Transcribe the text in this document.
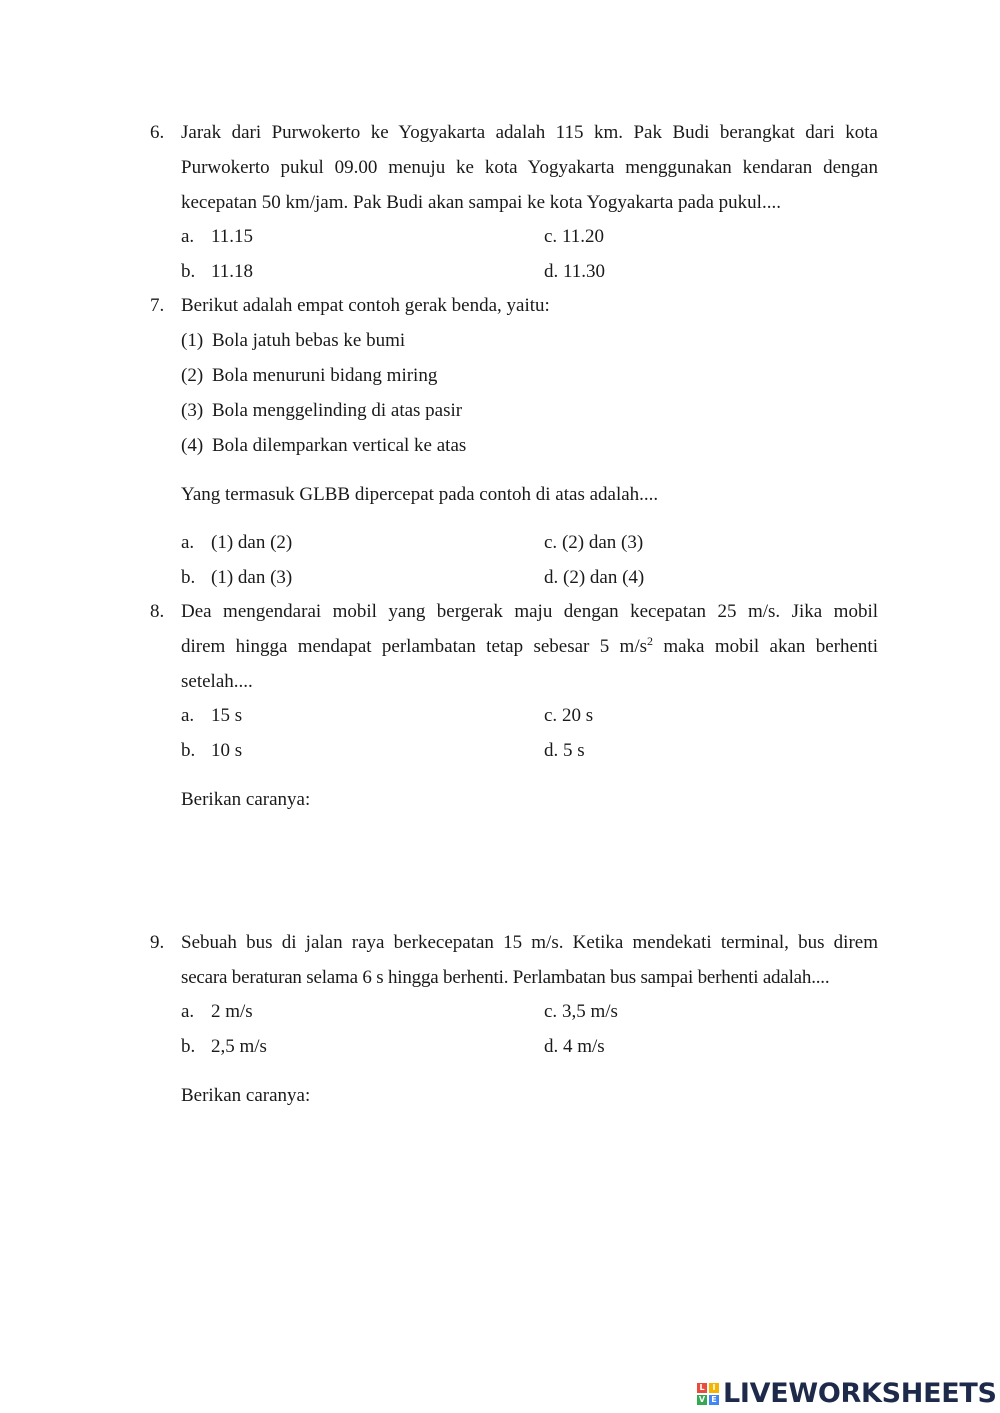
6. Jarak dari Purwokerto ke Yogyakarta adalah 115 km. Pak Budi berangkat dari kota
Purwokerto pukul 09.00 menuju ke kota Yogyakarta menggunakan kendaran dengan
kecepatan 50 km/jam. Pak Budi akan sampai ke kota Yogyakarta pada pukul....
a. 11.15	c. 11.20
b. 11.18	d. 11.30
7. Berikut adalah empat contoh gerak benda, yaitu:
(1) Bola jatuh bebas ke bumi
(2) Bola menuruni bidang miring
(3) Bola menggelinding di atas pasir
(4) Bola dilemparkan vertical ke atas
Yang termasuk GLBB dipercepat pada contoh di atas adalah....
a. (1) dan (2)	c. (2) dan (3)
b. (1) dan (3)	d. (2) dan (4)
8. Dea mengendarai mobil yang bergerak maju dengan kecepatan 25 m/s. Jika mobil
direm hingga mendapat perlambatan tetap sebesar 5 $m/s^2$ maka mobil akan berhenti
setelah....
a. 15 s	c. 20 s
b. 10 s	d. 5 s
Berikan caranya:
9. Sebuah bus di jalan raya berkecepatan 15 m/s. Ketika mendekati terminal, bus direm
secara beraturan selama 6 s hingga berhenti. Perlambatan bus sampai berhenti adalah....
a. 2 m/s	c. 3,5 m/s
b. 2,5 m/s	d. 4 m/s
Berikan caranya:
L I
V E LIVEWORKSHEETS
